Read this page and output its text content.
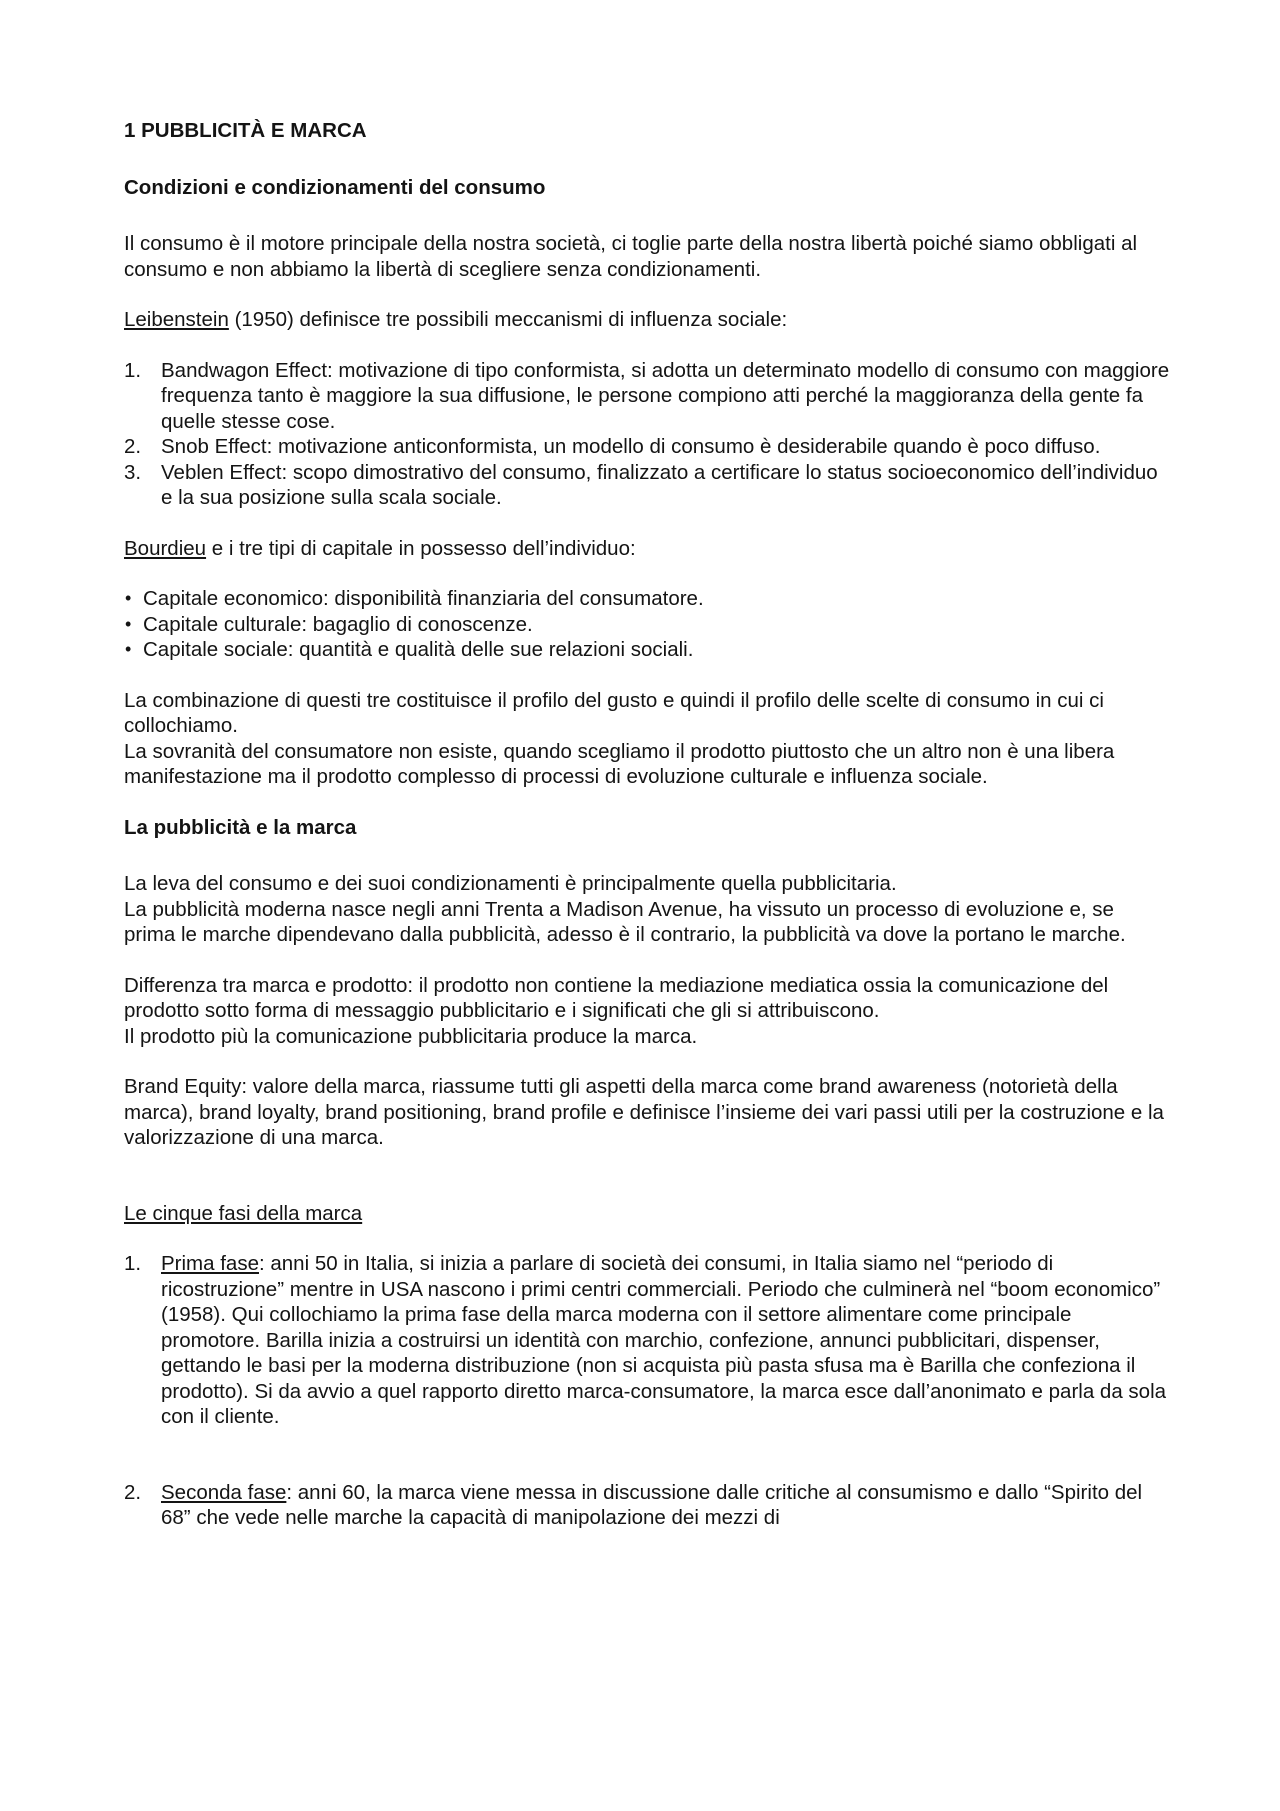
1 PUBBLICITÀ E MARCA

Condizioni e condizionamenti del consumo

Il consumo è il motore principale della nostra società, ci toglie parte della nostra libertà poiché siamo obbligati al consumo e non abbiamo la libertà di scegliere senza condizionamenti.

Leibenstein (1950) definisce tre possibili meccanismi di influenza sociale:

1. Bandwagon Effect: motivazione di tipo conformista, si adotta un determinato modello di consumo con maggiore frequenza tanto è maggiore la sua diffusione, le persone compiono atti perché la maggioranza della gente fa quelle stesse cose.
2. Snob Effect: motivazione anticonformista, un modello di consumo è desiderabile quando è poco diffuso.
3. Veblen Effect: scopo dimostrativo del consumo, finalizzato a certificare lo status socioeconomico dell’individuo e la sua posizione sulla scala sociale.

Bourdieu e i tre tipi di capitale in possesso dell’individuo:

• Capitale economico: disponibilità finanziaria del consumatore.
• Capitale culturale: bagaglio di conoscenze.
• Capitale sociale: quantità e qualità delle sue relazioni sociali.

La combinazione di questi tre costituisce il profilo del gusto e quindi il profilo delle scelte di consumo in cui ci collochiamo.

La sovranità del consumatore non esiste, quando scegliamo il prodotto piuttosto che un altro non è una libera manifestazione ma il prodotto complesso di processi di evoluzione culturale e influenza sociale.

La pubblicità e la marca

La leva del consumo e dei suoi condizionamenti è principalmente quella pubblicitaria.

La pubblicità moderna nasce negli anni Trenta a Madison Avenue, ha vissuto un processo di evoluzione e, se prima le marche dipendevano dalla pubblicità, adesso è il contrario, la pubblicità va dove la portano le marche.

Differenza tra marca e prodotto: il prodotto non contiene la mediazione mediatica ossia la comunicazione del prodotto sotto forma di messaggio pubblicitario e i significati che gli si attribuiscono.

Il prodotto più la comunicazione pubblicitaria produce la marca.

Brand Equity: valore della marca, riassume tutti gli aspetti della marca come brand awareness (notorietà della marca), brand loyalty, brand positioning, brand profile e definisce l’insieme dei vari passi utili per la costruzione e la valorizzazione di una marca.

Le cinque fasi della marca

1. Prima fase: anni 50 in Italia, si inizia a parlare di società dei consumi, in Italia siamo nel “periodo di ricostruzione” mentre in USA nascono i primi centri commerciali. Periodo che culminerà nel “boom economico” (1958). Qui collochiamo la prima fase della marca moderna con il settore alimentare come principale promotore. Barilla inizia a costruirsi un identità con marchio, confezione, annunci pubblicitari, dispenser, gettando le basi per la moderna distribuzione (non si acquista più pasta sfusa ma è Barilla che confeziona il prodotto). Si da avvio a quel rapporto diretto marca-consumatore, la marca esce dall’anonimato e parla da sola con il cliente.
2. Seconda fase: anni 60, la marca viene messa in discussione dalle critiche al consumismo e dallo “Spirito del 68” che vede nelle marche la capacità di manipolazione dei mezzi di
